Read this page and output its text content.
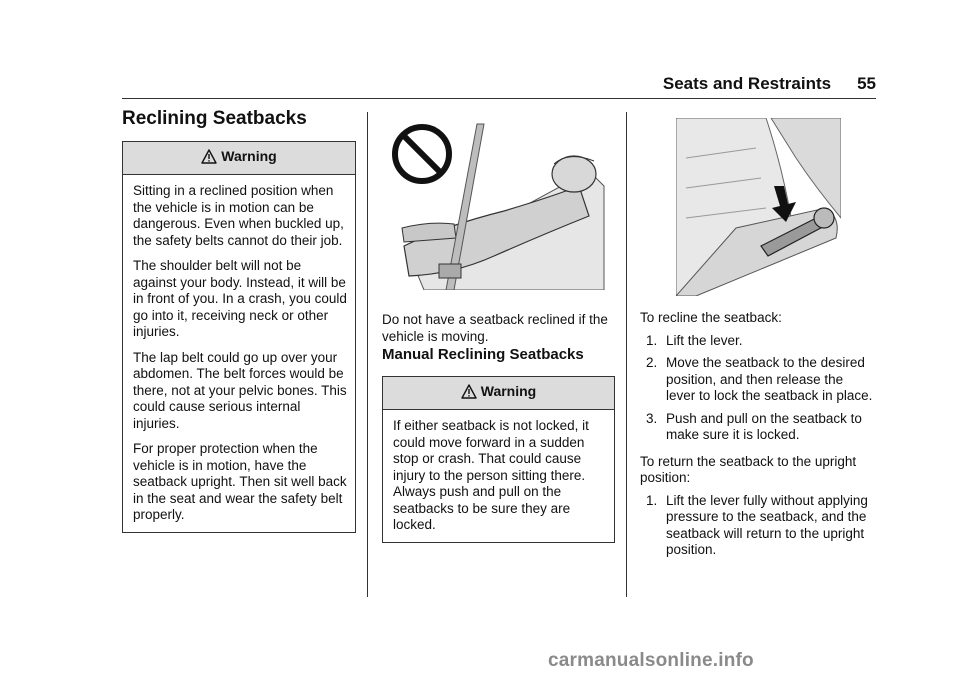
Seats and Restraints 55
Reclining Seatbacks
Warning

Sitting in a reclined position when the vehicle is in motion can be dangerous. Even when buckled up, the safety belts cannot do their job.

The shoulder belt will not be against your body. Instead, it will be in front of you. In a crash, you could go into it, receiving neck or other injuries.

The lap belt could go up over your abdomen. The belt forces would be there, not at your pelvic bones. This could cause serious internal injuries.

For proper protection when the vehicle is in motion, have the seatback upright. Then sit well back in the seat and wear the safety belt properly.

Do not have a seatback reclined if the vehicle is moving.

Manual Reclining Seatbacks
Warning

If either seatback is not locked, it could move forward in a sudden stop or crash. That could cause injury to the person sitting there. Always push and pull on the seatbacks to be sure they are locked.

To recline the seatback:

1. Lift the lever.
2. Move the seatback to the desired position, and then release the lever to lock the seatback in place.
3. Push and pull on the seatback to make sure it is locked.

To return the seatback to the upright position:

1. Lift the lever fully without applying pressure to the seatback, and the seatback will return to the upright position.
carmanualsonline.info
